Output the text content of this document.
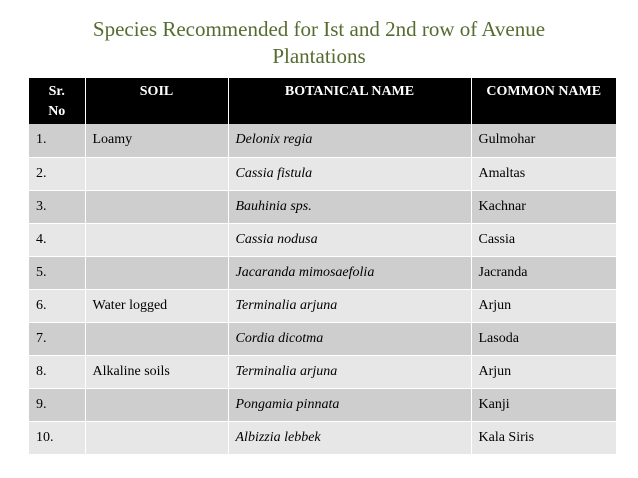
Species Recommended for Ist and 2nd row of Avenue
Plantations
Sr.
No	SOIL	BOTANICAL NAME	COMMON NAME
1.	Loamy	Delonix regia	Gulmohar
2.		Cassia fistula	Amaltas
3.		Bauhinia sps.	Kachnar
4.		Cassia nodusa	Cassia
5.		Jacaranda mimosaefolia	Jacranda
6.	Water logged	Terminalia arjuna	Arjun
7.		Cordia dicotma	Lasoda
8.	Alkaline soils	Terminalia arjuna	Arjun
9.		Pongamia pinnata	Kanji
10.		Albizzia lebbek	Kala Siris
